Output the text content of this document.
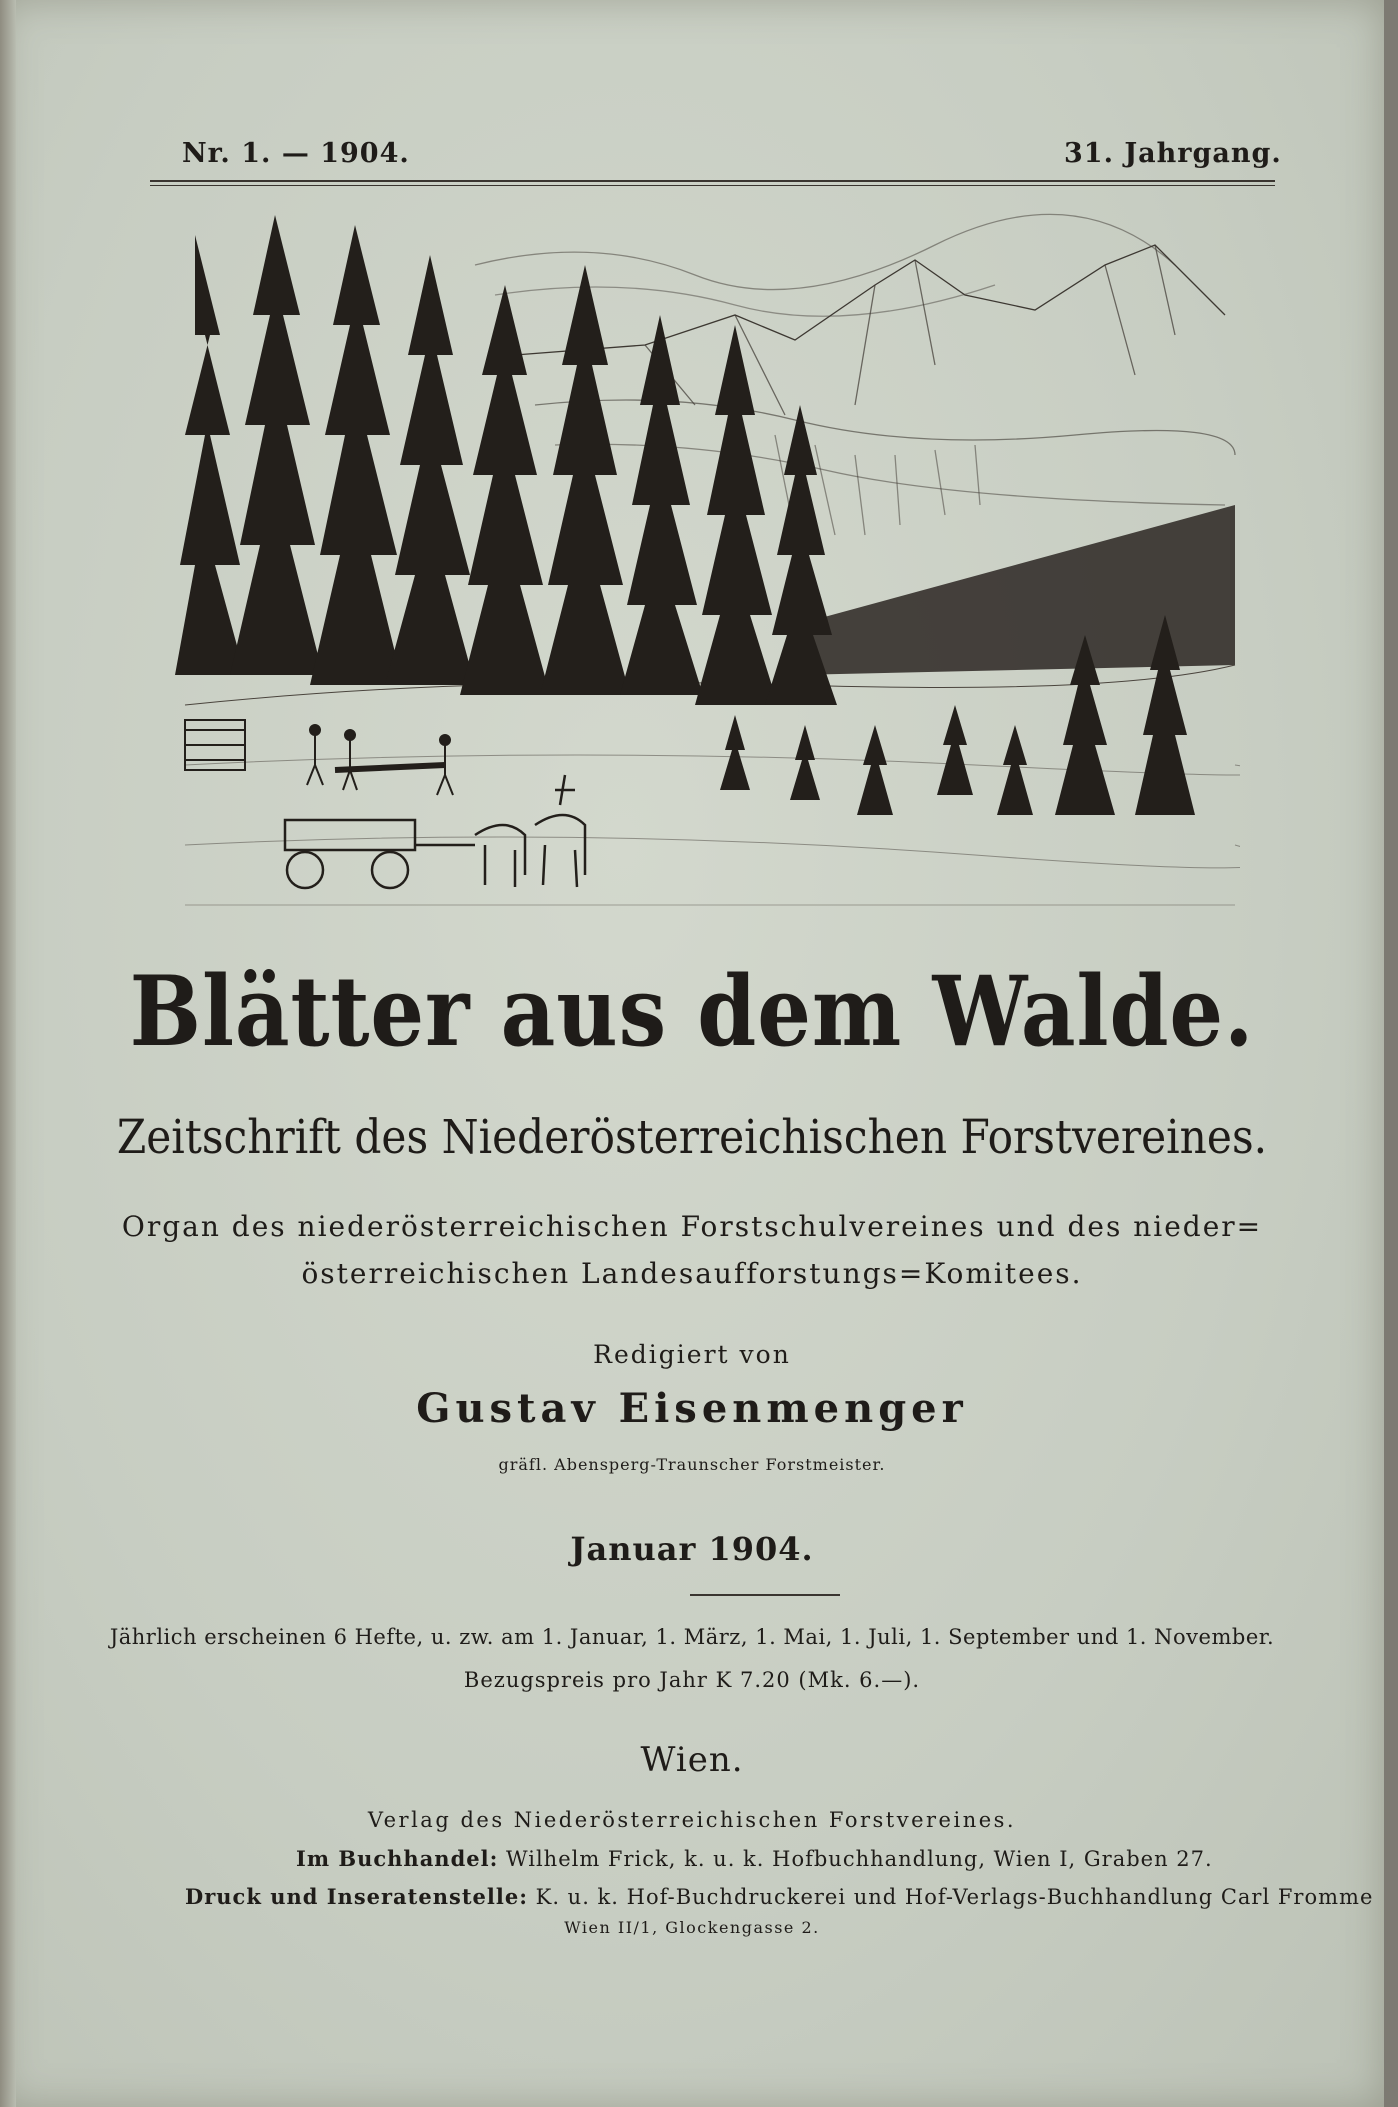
Nr. 1. — 1904.	31. Jahrgang.
Blätter aus dem Walde.
Zeitschrift des Niederösterreichischen Forstvereines.
Organ des niederösterreichischen Forstschulvereines und des nieder=
österreichischen Landesaufforstungs=Komitees.
Redigiert von
Gustav Eisenmenger
gräfl. Abensperg-Traunscher Forstmeister.
Januar 1904.
Jährlich erscheinen 6 Hefte, u. zw. am 1. Januar, 1. März, 1. Mai, 1. Juli, 1. September und 1. November.
Bezugspreis pro Jahr K 7.20 (Mk. 6.—).
Wien.
Verlag des Niederösterreichischen Forstvereines.
Im Buchhandel: Wilhelm Frick, k. u. k. Hofbuchhandlung, Wien I, Graben 27.
Druck und Inseratenstelle: K. u. k. Hof-Buchdruckerei und Hof-Verlags-Buchhandlung Carl Fromme
Wien II/1, Glockengasse 2.
